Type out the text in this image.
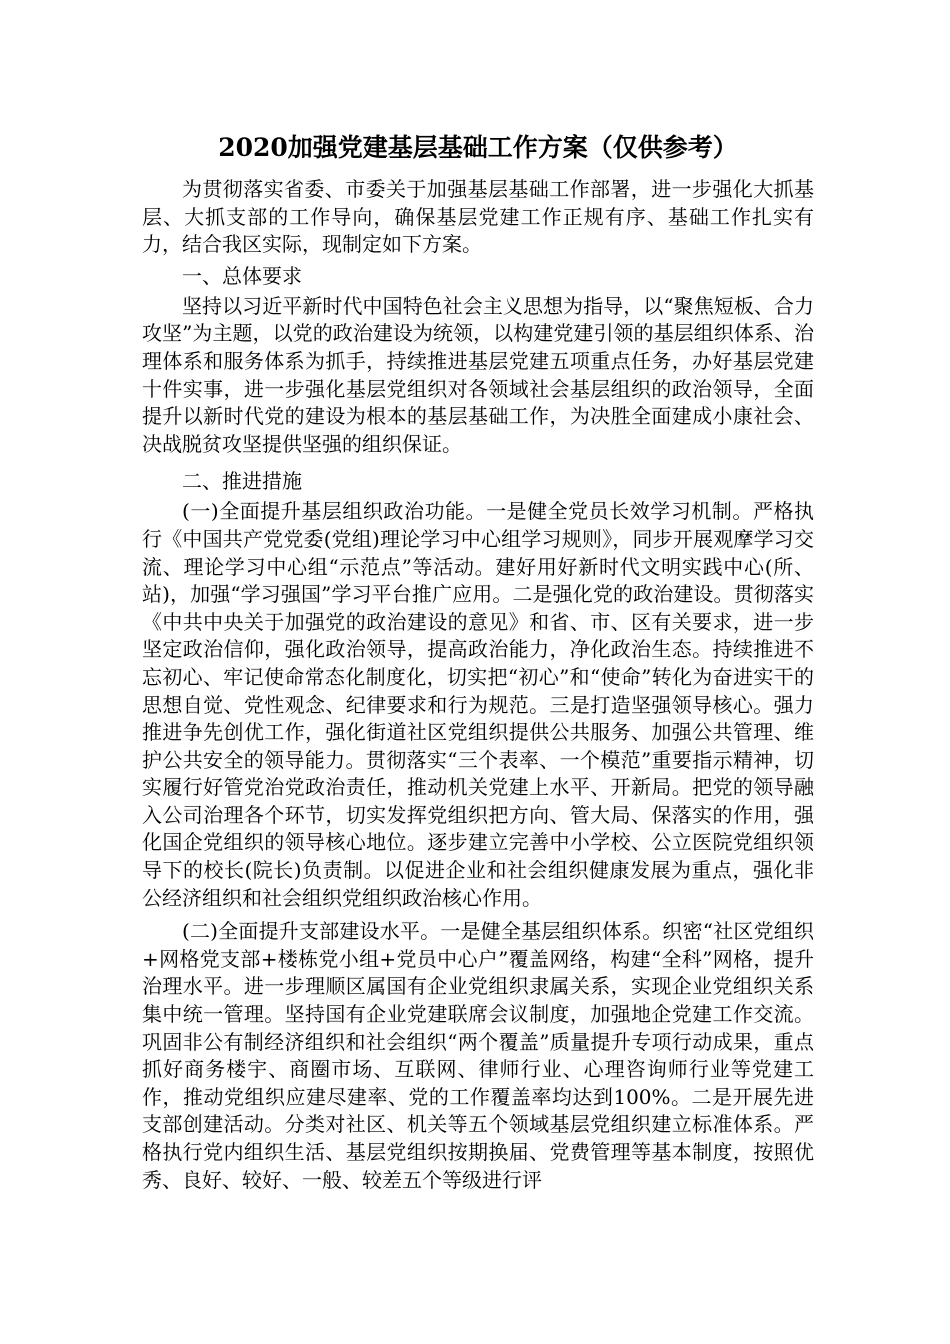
2020加强党建基层基础工作方案（仅供参考）

为贯彻落实省委、市委关于加强基层基础工作部署，进一步强化大抓基层、大抓支部的工作导向，确保基层党建工作正规有序、基础工作扎实有力，结合我区实际，现制定如下方案。

一、总体要求

坚持以习近平新时代中国特色社会主义思想为指导，以“聚焦短板、合力攻坚”为主题，以党的政治建设为统领，以构建党建引领的基层组织体系、治理体系和服务体系为抓手，持续推进基层党建五项重点任务，办好基层党建十件实事，进一步强化基层党组织对各领域社会基层组织的政治领导，全面提升以新时代党的建设为根本的基层基础工作，为决胜全面建成小康社会、决战脱贫攻坚提供坚强的组织保证。

二、推进措施

(一)全面提升基层组织政治功能。一是健全党员长效学习机制。严格执行《中国共产党党委(党组)理论学习中心组学习规则》，同步开展观摩学习交流、理论学习中心组“示范点”等活动。建好用好新时代文明实践中心(所、站)，加强“学习强国”学习平台推广应用。二是强化党的政治建设。贯彻落实《中共中央关于加强党的政治建设的意见》和省、市、区有关要求，进一步坚定政治信仰，强化政治领导，提高政治能力，净化政治生态。持续推进不忘初心、牢记使命常态化制度化，切实把“初心”和“使命”转化为奋进实干的思想自觉、党性观念、纪律要求和行为规范。三是打造坚强领导核心。强力推进争先创优工作，强化街道社区党组织提供公共服务、加强公共管理、维护公共安全的领导能力。贯彻落实“三个表率、一个模范”重要指示精神，切实履行好管党治党政治责任，推动机关党建上水平、开新局。把党的领导融入公司治理各个环节，切实发挥党组织把方向、管大局、保落实的作用，强化国企党组织的领导核心地位。逐步建立完善中小学校、公立医院党组织领导下的校长(院长)负责制。以促进企业和社会组织健康发展为重点，强化非公经济组织和社会组织党组织政治核心作用。

(二)全面提升支部建设水平。一是健全基层组织体系。织密“社区党组织+网格党支部+楼栋党小组+党员中心户”覆盖网络，构建“全科”网格，提升治理水平。进一步理顺区属国有企业党组织隶属关系，实现企业党组织关系集中统一管理。坚持国有企业党建联席会议制度，加强地企党建工作交流。巩固非公有制经济组织和社会组织“两个覆盖”质量提升专项行动成果，重点抓好商务楼宇、商圈市场、互联网、律师行业、心理咨询师行业等党建工作，推动党组织应建尽建率、党的工作覆盖率均达到100%。二是开展先进支部创建活动。分类对社区、机关等五个领域基层党组织建立标准体系。严格执行党内组织生活、基层党组织按期换届、党费管理等基本制度，按照优秀、良好、较好、一般、较差五个等级进行评
